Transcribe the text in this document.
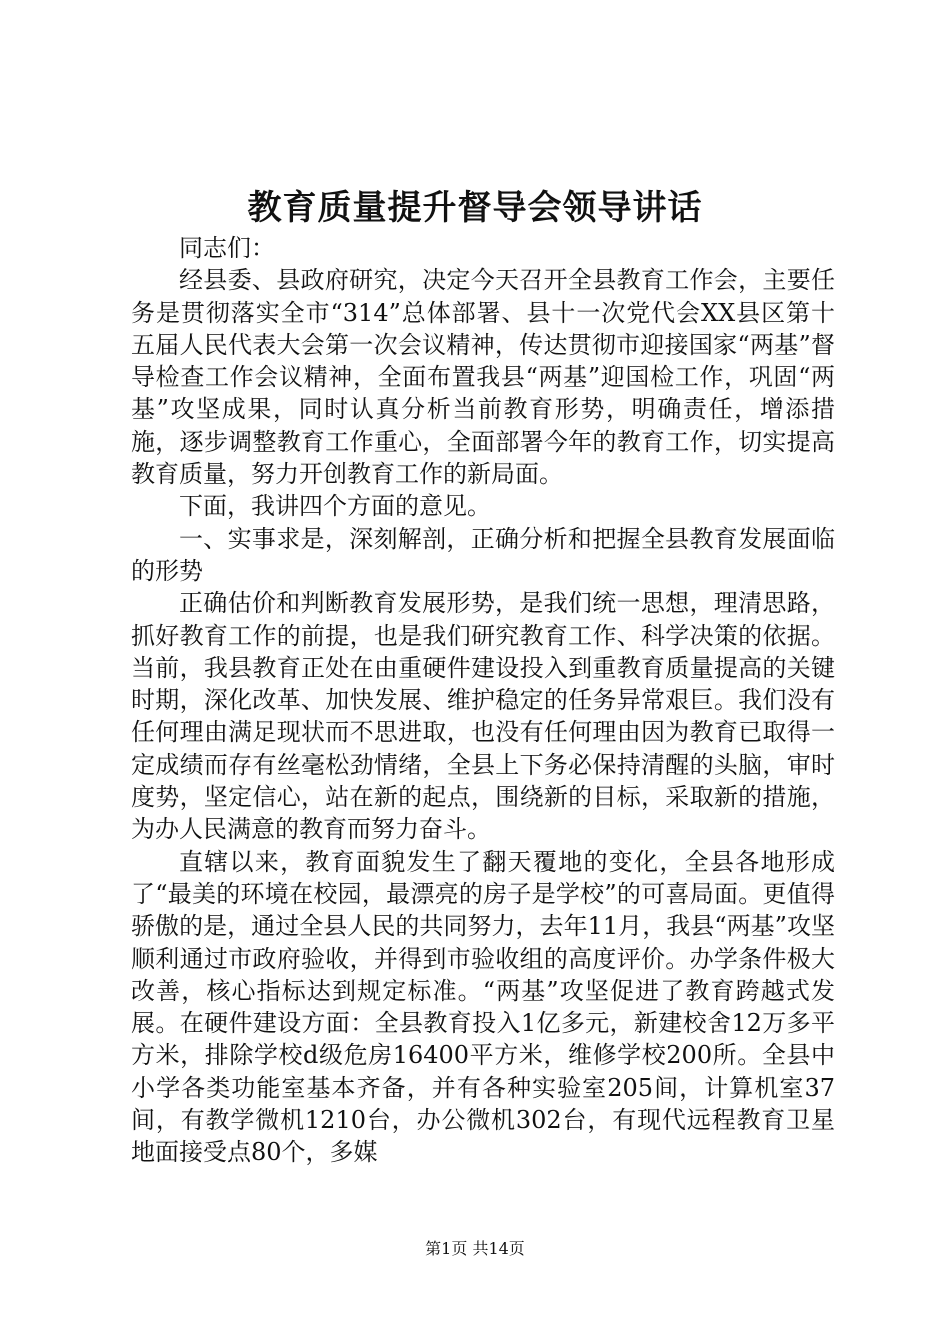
教育质量提升督导会领导讲话

同志们：

经县委、县政府研究，决定今天召开全县教育工作会，主要任务是贯彻落实全市“314”总体部署、县十一次党代会XX县区第十五届人民代表大会第一次会议精神，传达贯彻市迎接国家“两基”督导检查工作会议精神，全面布置我县“两基”迎国检工作，巩固“两基”攻坚成果，同时认真分析当前教育形势，明确责任，增添措施，逐步调整教育工作重心，全面部署今年的教育工作，切实提高教育质量，努力开创教育工作的新局面。

下面，我讲四个方面的意见。

一、实事求是，深刻解剖，正确分析和把握全县教育发展面临的形势

正确估价和判断教育发展形势，是我们统一思想，理清思路，抓好教育工作的前提，也是我们研究教育工作、科学决策的依据。当前，我县教育正处在由重硬件建设投入到重教育质量提高的关键时期，深化改革、加快发展、维护稳定的任务异常艰巨。我们没有任何理由满足现状而不思进取，也没有任何理由因为教育已取得一定成绩而存有丝毫松劲情绪，全县上下务必保持清醒的头脑，审时度势，坚定信心，站在新的起点，围绕新的目标，采取新的措施，为办人民满意的教育而努力奋斗。

直辖以来，教育面貌发生了翻天覆地的变化，全县各地形成了“最美的环境在校园，最漂亮的房子是学校”的可喜局面。更值得骄傲的是，通过全县人民的共同努力，去年11月，我县“两基”攻坚顺利通过市政府验收，并得到市验收组的高度评价。办学条件极大改善，核心指标达到规定标准。“两基”攻坚促进了教育跨越式发展。在硬件建设方面：全县教育投入1亿多元，新建校舍12万多平方米，排除学校d级危房16400平方米，维修学校200所。全县中小学各类功能室基本齐备，并有各种实验室205间，计算机室37间，有教学微机1210台，办公微机302台，有现代远程教育卫星地面接受点80个，多媒

第1页 共14页
